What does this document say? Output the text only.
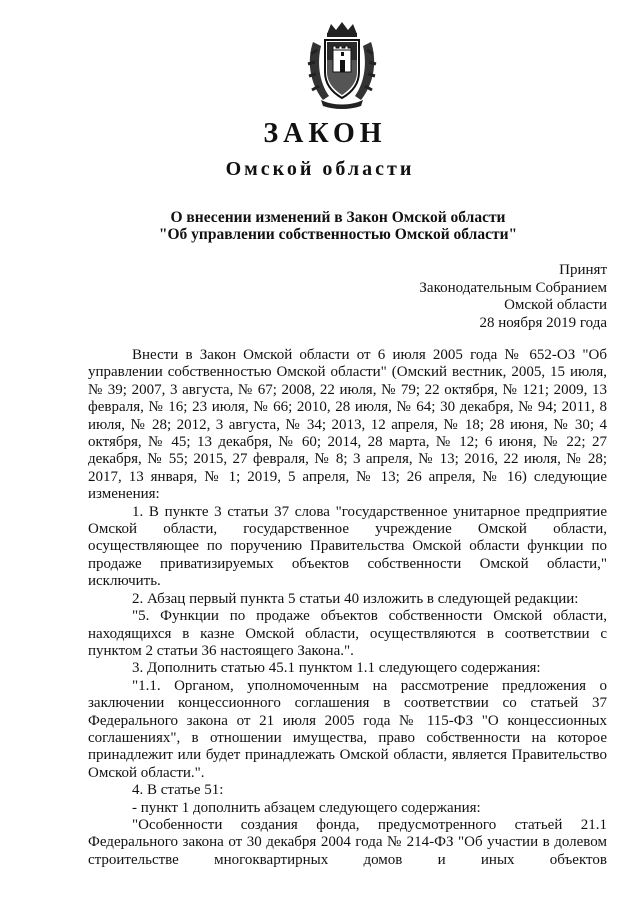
ЗАКОН
Омской области
О внесении изменений в Закон Омской области
"Об управлении собственностью Омской области"
Принят
Законодательным Собранием
Омской области
28 ноября 2019 года

Внести в Закон Омской области от 6 июля 2005 года № 652-ОЗ "Об управлении собственностью Омской области" (Омский вестник, 2005, 15 июля, № 39; 2007, 3 августа, № 67; 2008, 22 июля, № 79; 22 октября, № 121; 2009, 13 февраля, № 16; 23 июля, № 66; 2010, 28 июля, № 64; 30 декабря, № 94; 2011, 8 июля, № 28; 2012, 3 августа, № 34; 2013, 12 апреля, № 18; 28 июня, № 30; 4 октября, № 45; 13 декабря, № 60; 2014, 28 марта, № 12; 6 июня, № 22; 27 декабря, № 55; 2015, 27 февраля, № 8; 3 апреля, № 13; 2016, 22 июля, № 28; 2017, 13 января, № 1; 2019, 5 апреля, № 13; 26 апреля, № 16) следующие изменения:

1. В пункте 3 статьи 37 слова "государственное унитарное предприятие Омской области, государственное учреждение Омской области, осуществляющее по поручению Правительства Омской области функции по продаже приватизируемых объектов собственности Омской области," исключить.

2. Абзац первый пункта 5 статьи 40 изложить в следующей редакции:

"5. Функции по продаже объектов собственности Омской области, находящихся в казне Омской области, осуществляются в соответствии с пунктом 2 статьи 36 настоящего Закона.".

3. Дополнить статью 45.1 пунктом 1.1 следующего содержания:

"1.1. Органом, уполномоченным на рассмотрение предложения о заключении концессионного соглашения в соответствии со статьей 37 Федерального закона от 21 июля 2005 года № 115-ФЗ "О концессионных соглашениях", в отношении имущества, право собственности на которое принадлежит или будет принадлежать Омской области, является Правительство Омской области.".

4. В статье 51:

- пункт 1 дополнить абзацем следующего содержания:

"Особенности создания фонда, предусмотренного статьей 21.1 Федерального закона от 30 декабря 2004 года № 214-ФЗ "Об участии в долевом строительстве многоквартирных домов и иных объектов
